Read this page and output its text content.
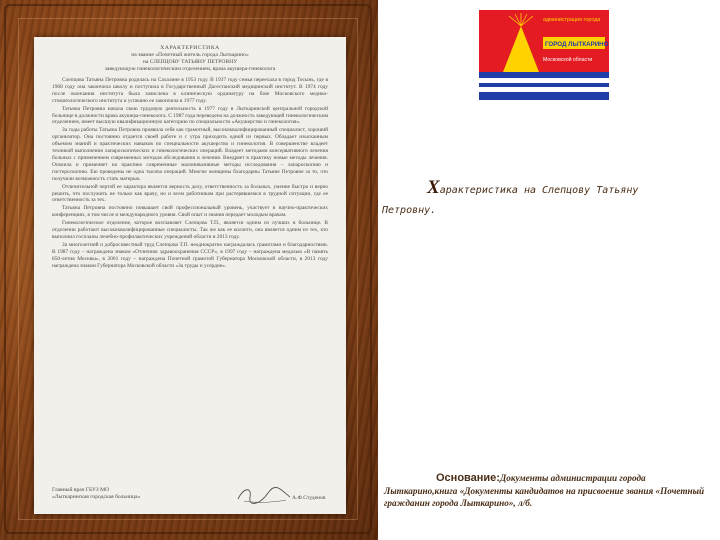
ХАРАКТЕРИСТИКА
на звание «Почетный житель города Лыткарино»
на СЛЕПЦОВУ ТАТЬЯНУ ПЕТРОВНУ
заведующую гинекологическим отделением, врача акушера-гинеколога

Слепцова Татьяна Петровна родилась на Сахалине в 1953 году. В 1937 году семья переехала в город Тосынь, где в 1968 году она закончила школу и поступила в Государственный Дагестанский медицинский институт. В 1974 году после окончания института была зачислена в клиническую ординатуру на базе Московского медико-стоматологического института и успешно ее закончила в 1977 году.

Татьяна Петровна начала свою трудовую деятельность в 1977 году в Лыткаринской центральной городской больнице в должности врача акушера-гинеколога. С 1987 года переведена на должность заведующей гинекологическим отделением, имеет высшую квалификационную категорию по специальности «Акушерство и гинекология».

За годы работы Татьяна Петровна проявила себя как грамотный, высококвалифицированный специалист, хороший организатор. Она постоянно отдается своей работе и с утра приходить одной из первых. Обладает изысканным объемом знаний и практических навыков по специальности акушерство и гинекология. В совершенстве владеет техникой выполнения лапароскопических и гинекологических операций. Владеет методами консервативного лечения больных с применением современных методов обследования и лечения. Внедряет в практику новые методы лечения. Освоила и применяет на практике современные малоинвазивные методы исследования – лапароскопию и гистероскопию. Ею проведены не одна тысяча операций. Многие женщины благодарны Татьяне Петровне за то, что получили возможность стать матерью.

Отличительной чертой ее характера является верность делу, ответственность за больных, умение быстро и верно решить, что послужить не только как врачу, но и всем работникам при растерявшемся в трудной ситуации, где ее ответственность за тех.

Татьяна Петровна постоянно повышает свой профессиональный уровень, участвует в научно-практических конференциях, в том числе и международного уровня. Свой опыт и знания передает молодым врачам.

Гинекологическое отделение, которое возглавляет Слепцова Т.П., является одним из лучших в больнице. В отделении работают высококвалифицированные специалисты. Так же как ее коллеги, она является одним из тех, кто выполнил госпланы лечебно-профилактических учреждений области в 2013 году.

За многолетний и добросовестный труд Слепцова Т.П. неоднократно награждалась грамотами и благодарностями. В 1987 году – награждена знаком «Отличник здравоохранения СССР», в 1997 году – награждена медалью «В память 850-летия Москвы», в 2001 году – награждена Почетной грамотой Губернатора Московской области, в 2013 году награждена знаком Губернатора Московской области «За труды и усердие».

Главный врач ГБУЗ МО
«Лыткаринская городская больница»	А.Ф.Студенов
администрация города
ГОРОД ЛЫТКАРИНО
Московской области
Характеристика на Слепцову Татьяну
Петровну.
Основание:Документы администрации города Лыткарино,книга «Документы кандидатов на присвоение звания «Почетный гражданин города Лыткарино», л/б.
